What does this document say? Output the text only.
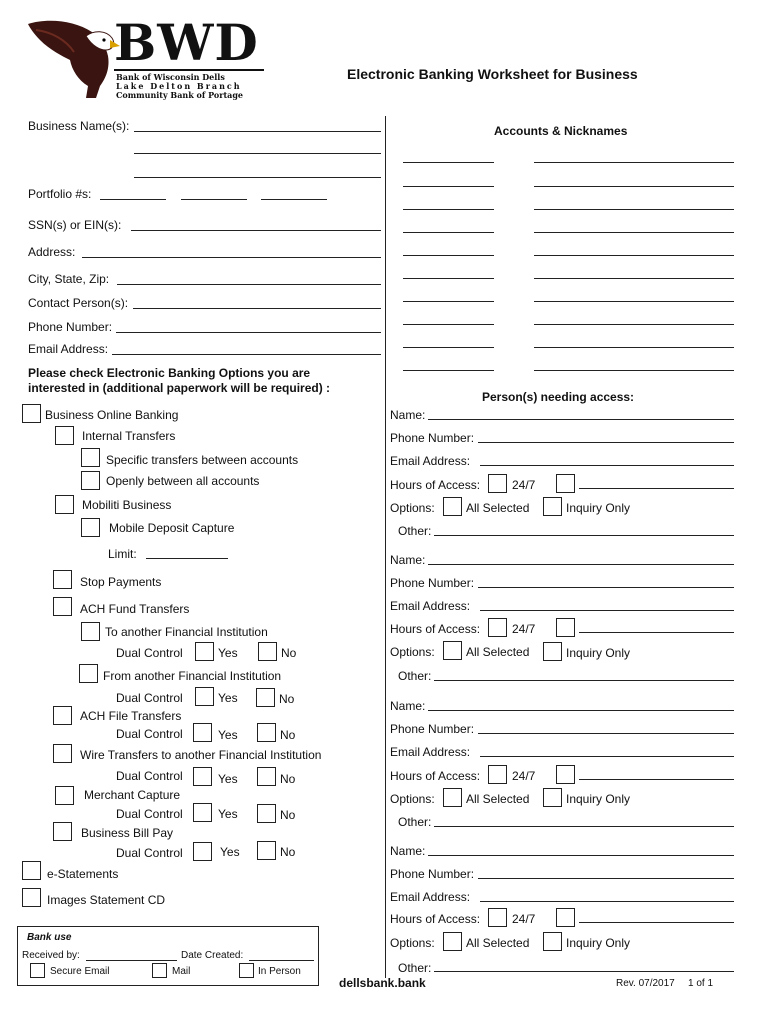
BWD
Bank of Wisconsin Dells
Lake Delton Branch
Community Bank of Portage
Electronic Banking Worksheet for Business
Business Name(s):
Portfolio #s:
SSN(s) or EIN(s):
Address:
City, State, Zip:
Contact Person(s):
Phone Number:
Email Address:
Please check Electronic Banking Options you are
interested in (additional paperwork will be required) :
Business Online Banking
Internal Transfers
Specific transfers between accounts
Openly between all accounts
Mobiliti Business
Mobile Deposit Capture
Limit:
Stop Payments
ACH Fund Transfers
To another Financial Institution
Dual Control	Yes	No
From another Financial Institution
Dual Control	Yes	No
ACH File Transfers
Dual Control	Yes	No
Wire Transfers to another Financial Institution
Dual Control	Yes	No
Merchant Capture
Dual Control	Yes	No
Business Bill Pay
Dual Control	Yes	No
e-Statements
Images Statement CD
Bank use
Received by:	Date Created:
Secure Email	Mail	In Person
Accounts & Nicknames
Person(s) needing access:
Name:
Phone Number:
Email Address:
Hours of Access:	24/7
Options:	All Selected	Inquiry Only
Other:
Name:
Phone Number:
Email Address:
Hours of Access:	24/7
Options:	All Selected	Inquiry Only
Other:
Name:
Phone Number:
Email Address:
Hours of Access:	24/7
Options:	All Selected	Inquiry Only
Other:
Name:
Phone Number:
Email Address:
Hours of Access:	24/7
Options:	All Selected	Inquiry Only
Other:
dellsbank.bank	Rev. 07/2017 1 of 1
